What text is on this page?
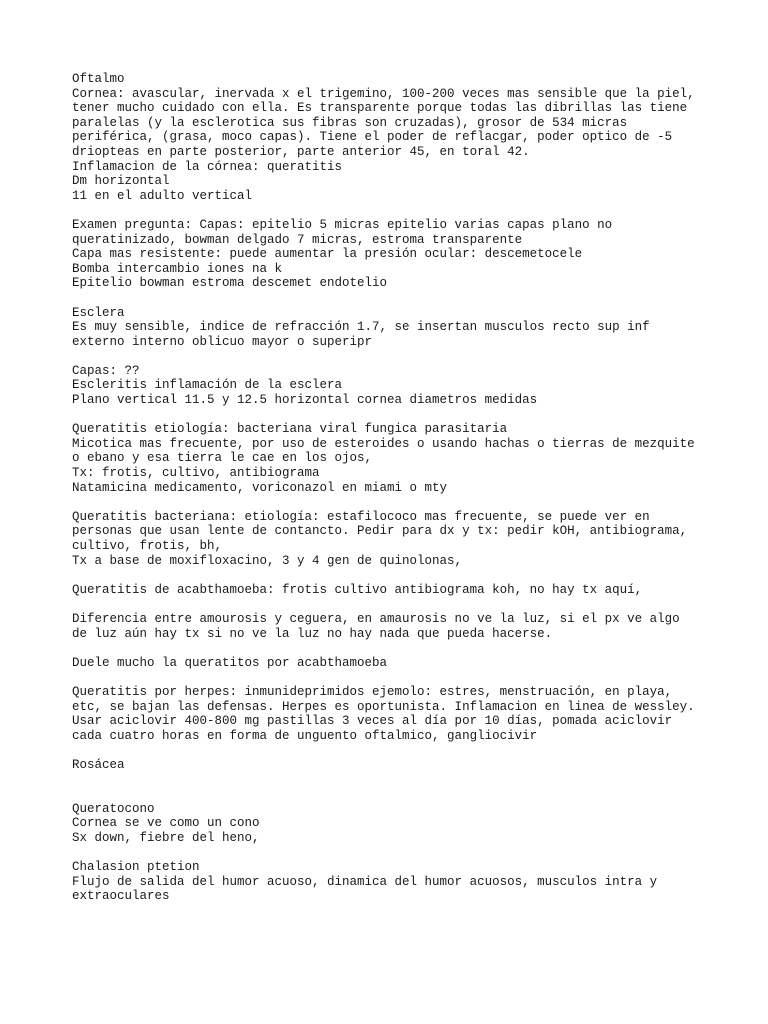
Oftalmo
Cornea: avascular, inervada x el trigemino, 100-200 veces mas sensible que la piel,
tener mucho cuidado con ella. Es transparente porque todas las dibrillas las tiene
paralelas (y la esclerotica sus fibras son cruzadas), grosor de 534 micras
periférica, (grasa, moco capas). Tiene el poder de reflacgar, poder optico de -5
driopteas en parte posterior, parte anterior 45, en toral 42.
Inflamacion de la córnea: queratitis
Dm horizontal
11 en el adulto vertical
Examen pregunta: Capas: epitelio 5 micras epitelio varias capas plano no
queratinizado, bowman delgado 7 micras, estroma transparente
Capa mas resistente: puede aumentar la presión ocular: descemetocele
Bomba intercambio iones na k
Epitelio bowman estroma descemet endotelio
Esclera
Es muy sensible, indice de refracción 1.7, se insertan musculos recto sup inf
externo interno oblicuo mayor o superipr
Capas: ??
Escleritis inflamación de la esclera
Plano vertical 11.5 y 12.5 horizontal cornea diametros medidas
Queratitis etiología: bacteriana viral fungica parasitaria
Micotica mas frecuente, por uso de esteroides o usando hachas o tierras de mezquite
o ebano y esa tierra le cae en los ojos,
Tx: frotis, cultivo, antibiograma
Natamicina medicamento, voriconazol en miami o mty
Queratitis bacteriana: etiología: estafilococo mas frecuente, se puede ver en
personas que usan lente de contancto. Pedir para dx y tx: pedir kOH, antibiograma,
cultivo, frotis, bh,
Tx a base de moxifloxacino, 3 y 4 gen de quinolonas,
Queratitis de acabthamoeba: frotis cultivo antibiograma koh, no hay tx aquí,
Diferencia entre amourosis y ceguera, en amaurosis no ve la luz, si el px ve algo
de luz aún hay tx si no ve la luz no hay nada que pueda hacerse.
Duele mucho la queratitos por acabthamoeba
Queratitis por herpes: inmunideprimidos ejemolo: estres, menstruación, en playa,
etc, se bajan las defensas. Herpes es oportunista. Inflamacion en linea de wessley.
Usar aciclovir 400-800 mg pastillas 3 veces al día por 10 días, pomada aciclovir
cada cuatro horas en forma de unguento oftalmico, gangliocivir
Rosácea
Queratocono
Cornea se ve como un cono
Sx down, fiebre del heno,
Chalasion ptetion
Flujo de salida del humor acuoso, dinamica del humor acuosos, musculos intra y
extraoculares
